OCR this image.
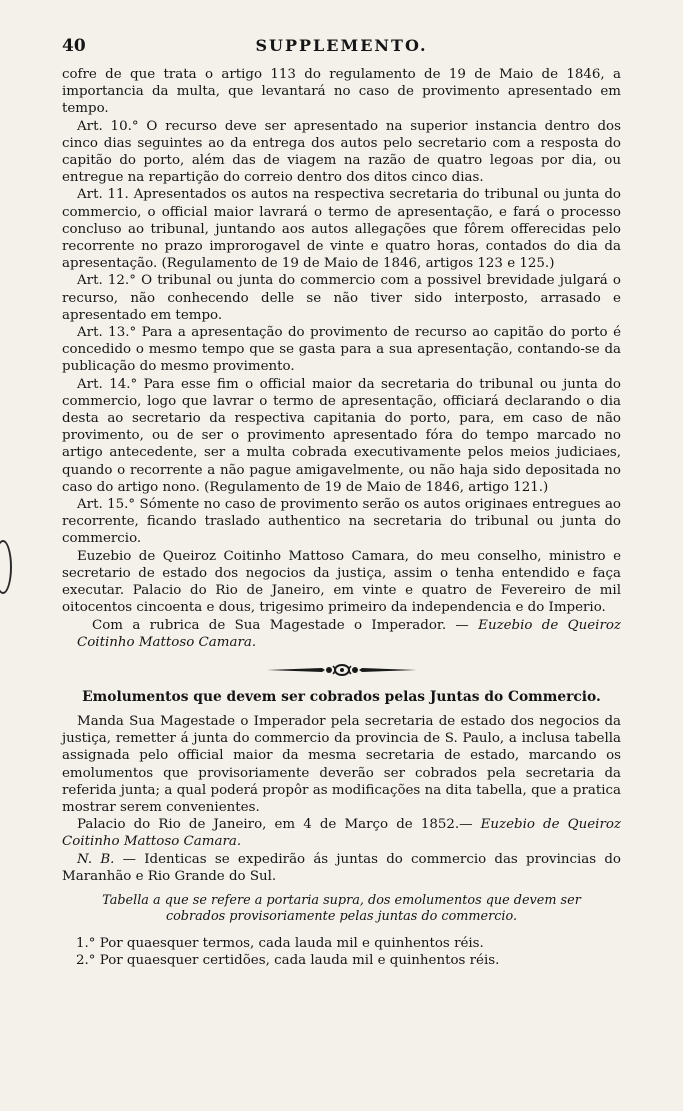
40	SUPPLEMENTO.

cofre de que trata o artigo 113 do regulamento de 19 de Maio de 1846, a importancia da multa, que levantará no caso de provimento apresentado em tempo.

Art. 10.° O recurso deve ser apresentado na superior instancia dentro dos cinco dias seguintes ao da entrega dos autos pelo secretario com a resposta do capitão do porto, além das de viagem na razão de quatro legoas por dia, ou entregue na repartição do correio dentro dos ditos cinco dias.

Art. 11. Apresentados os autos na respectiva secretaria do tribunal ou junta do commercio, o official maior lavrará o termo de apresentação, e fará o processo concluso ao tribunal, juntando aos autos allegações que fôrem offerecidas pelo recorrente no prazo improrogavel de vinte e quatro horas, contados do dia da apresentação. (Regulamento de 19 de Maio de 1846, artigos 123 e 125.)

Art. 12.° O tribunal ou junta do commercio com a possivel brevidade julgará o recurso, não conhecendo delle se não tiver sido interposto, arrasado e apresentado em tempo.

Art. 13.° Para a apresentação do provimento de recurso ao capitão do porto é concedido o mesmo tempo que se gasta para a sua apresentação, contando-se da publicação do mesmo provimento.

Art. 14.° Para esse fim o official maior da secretaria do tribunal ou junta do commercio, logo que lavrar o termo de apresentação, officiará declarando o dia desta ao secretario da respectiva capitania do porto, para, em caso de não provimento, ou de ser o provimento apresentado fóra do tempo marcado no artigo antecedente, ser a multa cobrada executivamente pelos meios judiciaes, quando o recorrente a não pague amigavelmente, ou não haja sido depositada no caso do artigo nono. (Regulamento de 19 de Maio de 1846, artigo 121.)

Art. 15.° Sómente no caso de provimento serão os autos originaes entregues ao recorrente, ficando traslado authentico na secretaria do tribunal ou junta do commercio.

Euzebio de Queiroz Coitinho Mattoso Camara, do meu conselho, ministro e secretario de estado dos negocios da justiça, assim o tenha entendido e faça executar. Palacio do Rio de Janeiro, em vinte e quatro de Fevereiro de mil oitocentos cincoenta e dous, trigesimo primeiro da independencia e do Imperio.

Com a rubrica de Sua Magestade o Imperador. — Euzebio de Queiroz Coitinho Mattoso Camara.

Emolumentos que devem ser cobrados pelas Juntas do Commercio.

Manda Sua Magestade o Imperador pela secretaria de estado dos negocios da justiça, remetter á junta do commercio da provincia de S. Paulo, a inclusa tabella assignada pelo official maior da mesma secretaria de estado, marcando os emolumentos que provisoriamente deverão ser cobrados pela secretaria da referida junta; a qual poderá propôr as modificações na dita tabella, que a pratica mostrar serem convenientes.

Palacio do Rio de Janeiro, em 4 de Março de 1852.— Euzebio de Queiroz Coitinho Mattoso Camara.

N. B. — Identicas se expedirão ás juntas do commercio das provincias do Maranhão e Rio Grande do Sul.

Tabella a que se refere a portaria supra, dos emolumentos que devem ser cobrados provisoriamente pelas juntas do commercio.

1.° Por quaesquer termos, cada lauda mil e quinhentos réis.

2.° Por quaesquer certidões, cada lauda mil e quinhentos réis.
